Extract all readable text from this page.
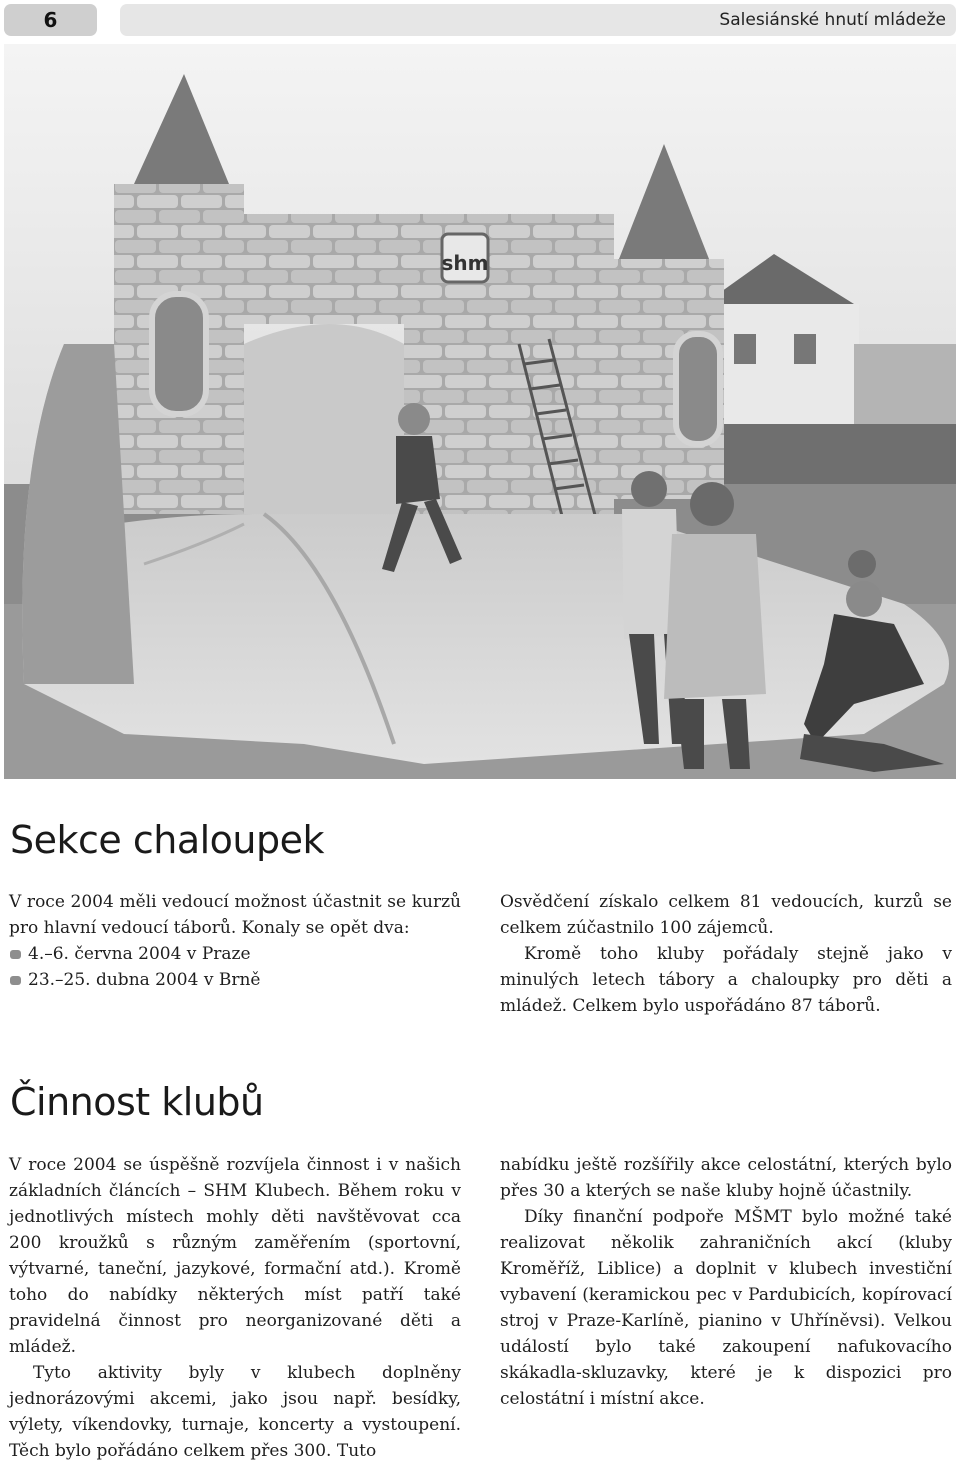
6	Salesiánské hnutí mládeže
shm
Sekce chaloupek

V roce 2004 měli vedoucí možnost účastnit se kurzů pro hlavní vedoucí táborů. Konaly se opět dva:

4.–6. června 2004 v Praze
23.–25. dubna 2004 v Brně

Osvědčení získalo celkem 81 vedoucích, kurzů se celkem zúčastnilo 100 zájemců.

Kromě toho kluby pořádaly stejně jako v minulých letech tábory a chaloupky pro děti a mládež. Celkem bylo uspořádáno 87 táborů.

Činnost klubů

V roce 2004 se úspěšně rozvíjela činnost i v našich základních článcích – SHM Klubech. Během roku v jednotlivých místech mohly děti navštěvovat cca 200 kroužků s různým zaměřením (sportovní, výtvarné, taneční, jazykové, formační atd.). Kromě toho do nabídky některých míst patří také pravidelná činnost pro neorganizované děti a mládež.

Tyto aktivity byly v klubech doplněny jednorázovými akcemi, jako jsou např. besídky, výlety, víkendovky, turnaje, koncerty a vystoupení. Těch bylo pořádáno celkem přes 300. Tuto

nabídku ještě rozšířily akce celostátní, kterých bylo přes 30 a kterých se naše kluby hojně účastnily.

Díky finanční podpoře MŠMT bylo možné také realizovat několik zahraničních akcí (kluby Kroměříž, Liblice) a doplnit v klubech investiční vybavení (keramickou pec v Pardubicích, kopírovací stroj v Praze-Karlíně, pianino v Uhříněvsi). Velkou událostí bylo také zakoupení nafukovacího skákadla-skluzavky, které je k dispozici pro celostátní i místní akce.
